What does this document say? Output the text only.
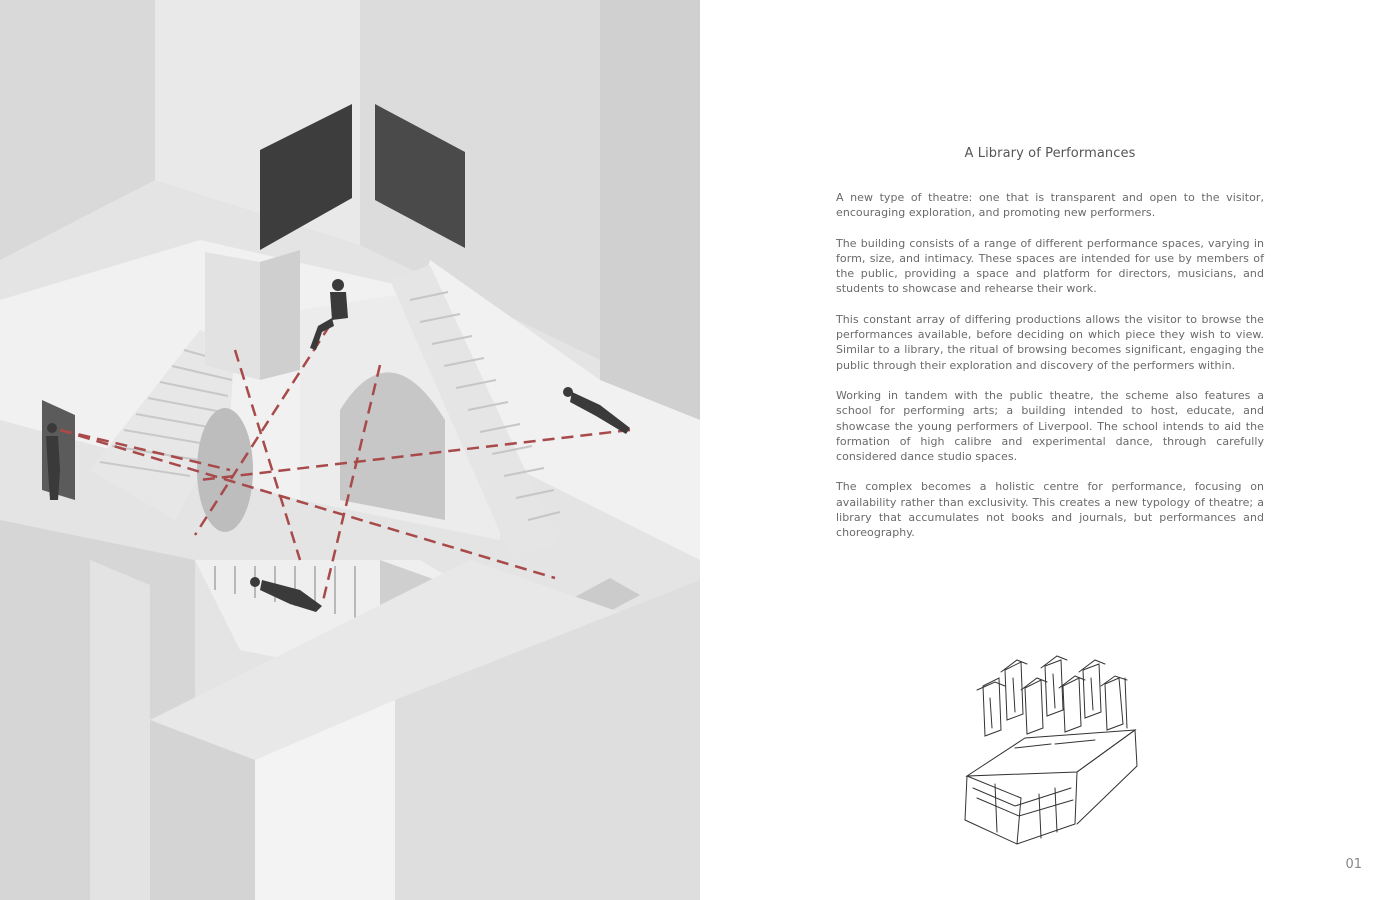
A Library of Performances

A new type of theatre: one that is transparent and open to the visitor, encouraging exploration, and promoting new performers.

The building consists of a range of different performance spaces, varying in form, size, and intimacy. These spaces are intended for use by members of the public, providing a space and platform for directors, musicians, and students to showcase and rehearse their work.

This constant array of differing productions allows the visitor to browse the performances available, before deciding on which piece they wish to view. Similar to a library, the ritual of browsing becomes significant, engaging the public through their exploration and discovery of the performers within.

Working in tandem with the public theatre, the scheme also features a school for performing arts; a building intended to host, educate, and showcase the young performers of Liverpool. The school intends to aid the formation of high calibre and experimental dance, through carefully considered dance studio spaces.

The complex becomes a holistic centre for performance, focusing on availability rather than exclusivity. This creates a new typology of theatre; a library that accumulates not books and journals, but performances and choreography.

01
